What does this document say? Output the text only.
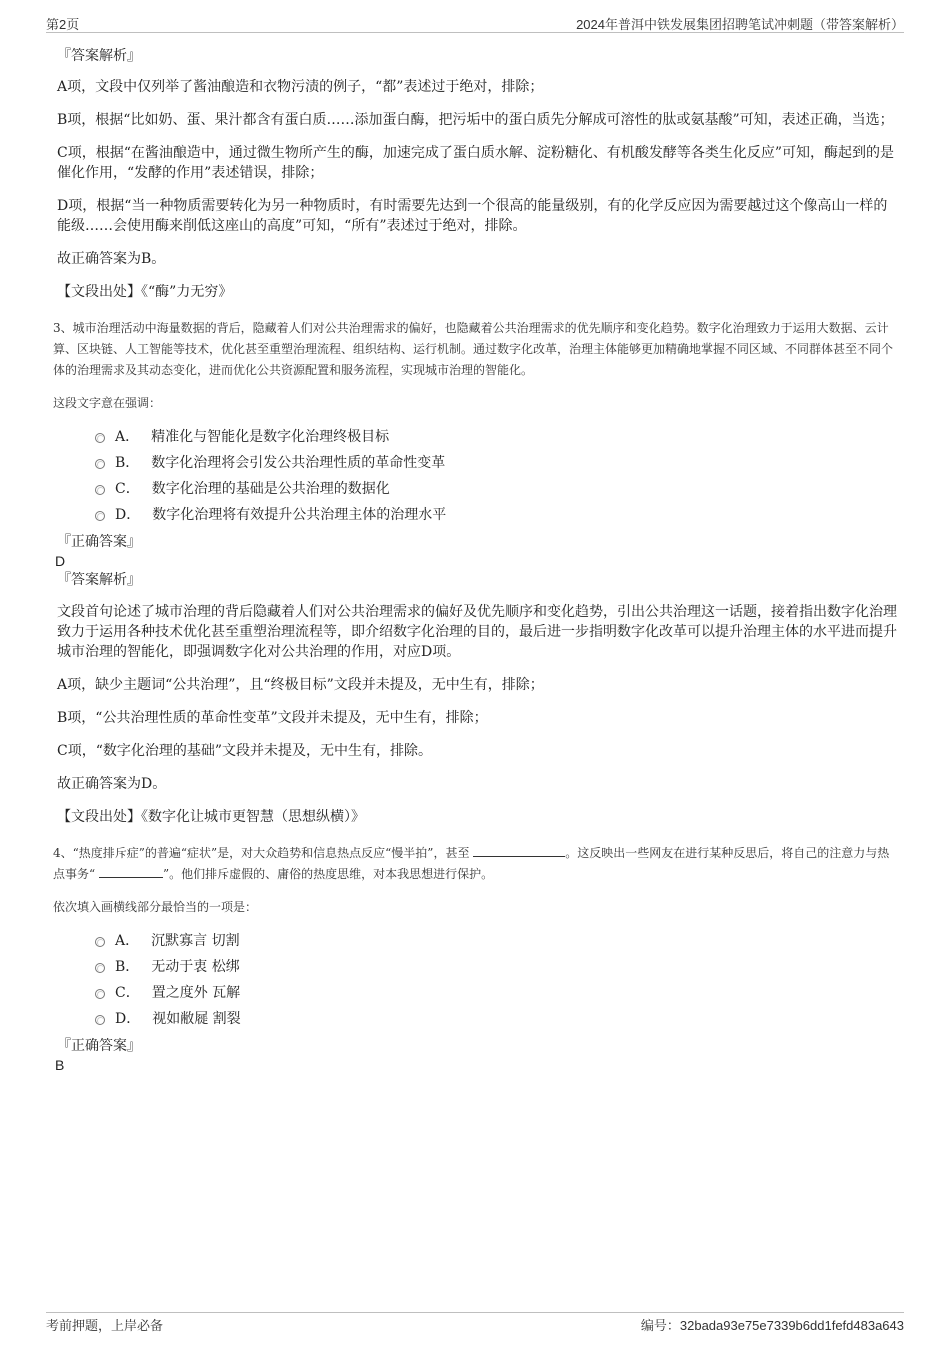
第2页	2024年普洱中铁发展集团招聘笔试冲刺题（带答案解析）
『答案解析』

A项，文段中仅列举了酱油酿造和衣物污渍的例子，“都”表述过于绝对，排除；

B项，根据“比如奶、蛋、果汁都含有蛋白质……添加蛋白酶，把污垢中的蛋白质先分解成可溶性的肽或氨基酸”可知，表述正确，当选；

C项，根据“在酱油酿造中，通过微生物所产生的酶，加速完成了蛋白质水解、淀粉糖化、有机酸发酵等各类生化反应”可知，酶起到的是催化作用，“发酵的作用”表述错误，排除；

D项，根据“当一种物质需要转化为另一种物质时，有时需要先达到一个很高的能量级别，有的化学反应因为需要越过这个像高山一样的能级……会使用酶来削低这座山的高度”可知，“所有”表述过于绝对，排除。

故正确答案为B。

【文段出处】《“酶”力无穷》

3、城市治理活动中海量数据的背后，隐藏着人们对公共治理需求的偏好，也隐藏着公共治理需求的优先顺序和变化趋势。数字化治理致力于运用大数据、云计算、区块链、人工智能等技术，优化甚至重塑治理流程、组织结构、运行机制。通过数字化改革，治理主体能够更加精确地掌握不同区域、不同群体甚至不同个体的治理需求及其动态变化，进而优化公共资源配置和服务流程，实现城市治理的智能化。

这段文字意在强调：

A． 精准化与智能化是数字化治理终极目标
B． 数字化治理将会引发公共治理性质的革命性变革
C． 数字化治理的基础是公共治理的数据化
D． 数字化治理将有效提升公共治理主体的治理水平

『正确答案』

D

『答案解析』

文段首句论述了城市治理的背后隐藏着人们对公共治理需求的偏好及优先顺序和变化趋势，引出公共治理这一话题，接着指出数字化治理致力于运用各种技术优化甚至重塑治理流程等，即介绍数字化治理的目的，最后进一步指明数字化改革可以提升治理主体的水平进而提升城市治理的智能化，即强调数字化对公共治理的作用，对应D项。

A项，缺少主题词“公共治理”，且“终极目标”文段并未提及，无中生有，排除；

B项，“公共治理性质的革命性变革”文段并未提及，无中生有，排除；

C项，“数字化治理的基础”文段并未提及，无中生有，排除。

故正确答案为D。

【文段出处】《数字化让城市更智慧（思想纵横）》

4、“热度排斥症”的普遍“症状”是，对大众趋势和信息热点反应“慢半拍”，甚至	。这反映出一些网友在进行某种反思后，将自己的注意力与热点事务“	”。他们排斥虚假的、庸俗的热度思维，对本我思想进行保护。

依次填入画横线部分最恰当的一项是：

A． 沉默寡言 切割
B． 无动于衷 松绑
C． 置之度外 瓦解
D． 视如敝屣 割裂

『正确答案』

B

考前押题，上岸必备	编号：32bada93e75e7339b6dd1fefd483a643
